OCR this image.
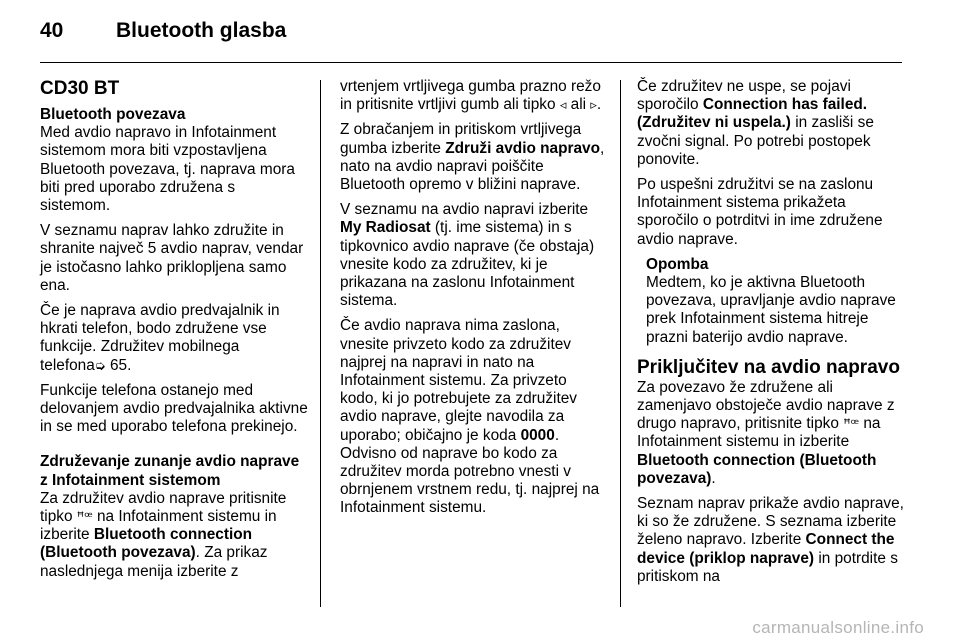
40	Bluetooth glasba
CD30 BT
Bluetooth povezava

Med avdio napravo in Infotainment sistemom mora biti vzpostavljena Bluetooth povezava, tj. naprava mora biti pred uporabo združena s sistemom.

V seznamu naprav lahko združite in shranite največ 5 avdio naprav, vendar je istočasno lahko priklopljena samo ena.

Če je naprava avdio predvajalnik in hkrati telefon, bodo združene vse funkcije. Združitev mobilnega telefona➭ 65.

Funkcije telefona ostanejo med delovanjem avdio predvajalnika aktivne in se med uporabo telefona prekinejo.

Združevanje zunanje avdio naprave z Infotainment sistemom

Za združitev avdio naprave pritisnite tipko ꟸꟹ na Infotainment sistemu in izberite Bluetooth connection (Bluetooth povezava). Za prikaz naslednjega menija izberite z

vrtenjem vrtljivega gumba prazno režo in pritisnite vrtljivi gumb ali tipko ◃ ali ▹.

Z obračanjem in pritiskom vrtljivega gumba izberite Združi avdio napravo, nato na avdio napravi poiščite Bluetooth opremo v bližini naprave.

V seznamu na avdio napravi izberite My Radiosat (tj. ime sistema) in s tipkovnico avdio naprave (če obstaja) vnesite kodo za združitev, ki je prikazana na zaslonu Infotainment sistema.

Če avdio naprava nima zaslona, vnesite privzeto kodo za združitev najprej na napravi in nato na Infotainment sistemu. Za privzeto kodo, ki jo potrebujete za združitev avdio naprave, glejte navodila za uporabo; običajno je koda 0000. Odvisno od naprave bo kodo za združitev morda potrebno vnesti v obrnjenem vrstnem redu, tj. najprej na Infotainment sistemu.

Če združitev ne uspe, se pojavi sporočilo Connection has failed. (Združitev ni uspela.) in zasliši se zvočni signal. Po potrebi postopek ponovite.

Po uspešni združitvi se na zaslonu Infotainment sistema prikažeta sporočilo o potrditvi in ime združene avdio naprave.

Opomba

Medtem, ko je aktivna Bluetooth povezava, upravljanje avdio naprave prek Infotainment sistema hitreje prazni baterijo avdio naprave.

Priključitev na avdio napravo

Za povezavo že združene ali zamenjavo obstoječe avdio naprave z drugo napravo, pritisnite tipko ꟸꟹ na Infotainment sistemu in izberite Bluetooth connection (Bluetooth povezava).

Seznam naprav prikaže avdio naprave, ki so že združene. S seznama izberite želeno napravo. Izberite Connect the device (priklop naprave) in potrdite s pritiskom na

carmanualsonline.info
